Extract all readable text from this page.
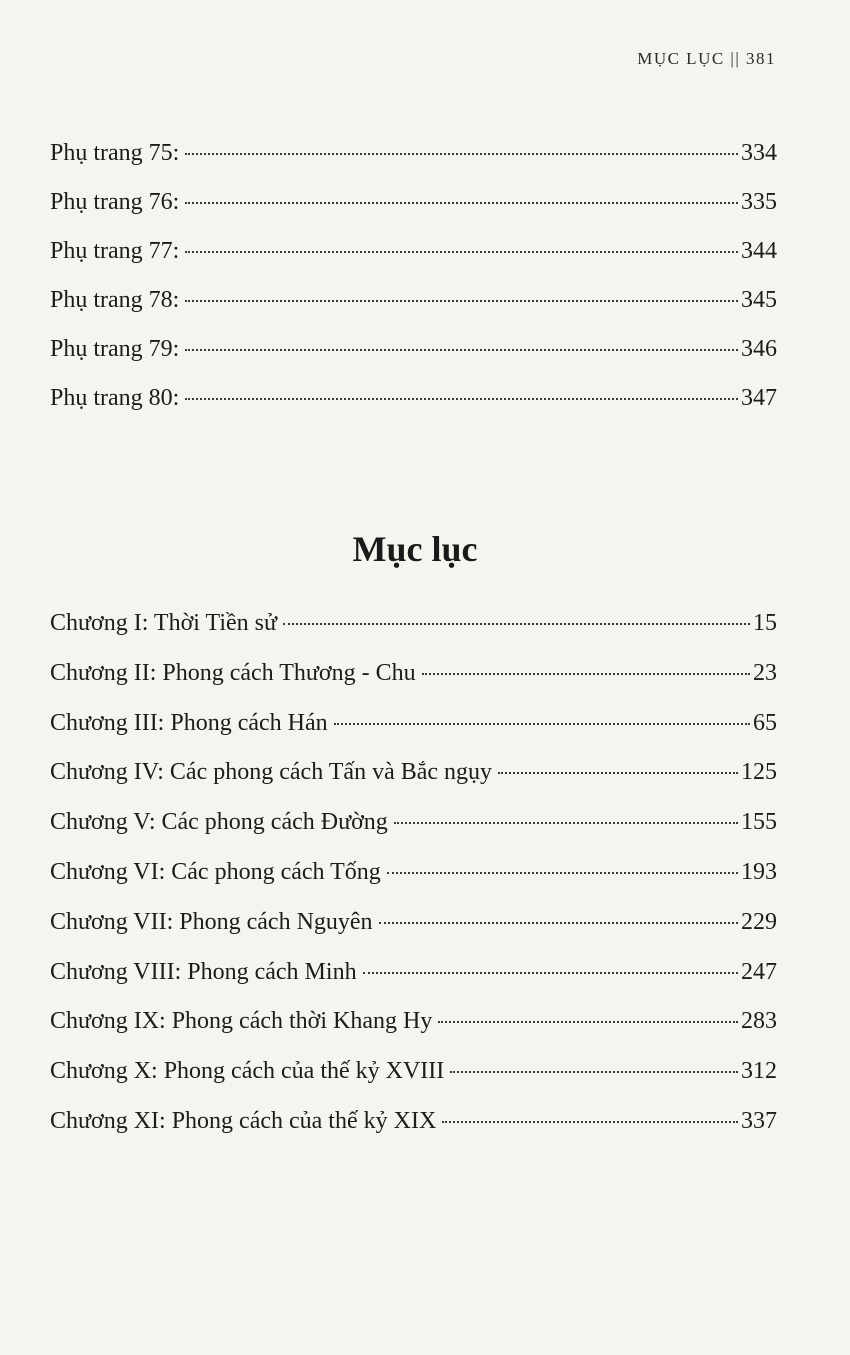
MỤC LỤC || 381
Phụ trang 75:	334
Phụ trang 76:	335
Phụ trang 77:	344
Phụ trang 78:	345
Phụ trang 79:	346
Phụ trang 80:	347
Mục lục
Chương I: Thời Tiền sử	15
Chương II: Phong cách Thương - Chu	23
Chương III: Phong cách Hán	65
Chương IV: Các phong cách Tấn và Bắc ngụy	125
Chương V: Các phong cách Đường	155
Chương VI: Các phong cách Tống	193
Chương VII: Phong cách Nguyên	229
Chương VIII: Phong cách Minh	247
Chương IX: Phong cách thời Khang Hy	283
Chương X: Phong cách của thế kỷ XVIII	312
Chương XI: Phong cách của thế kỷ XIX	337
